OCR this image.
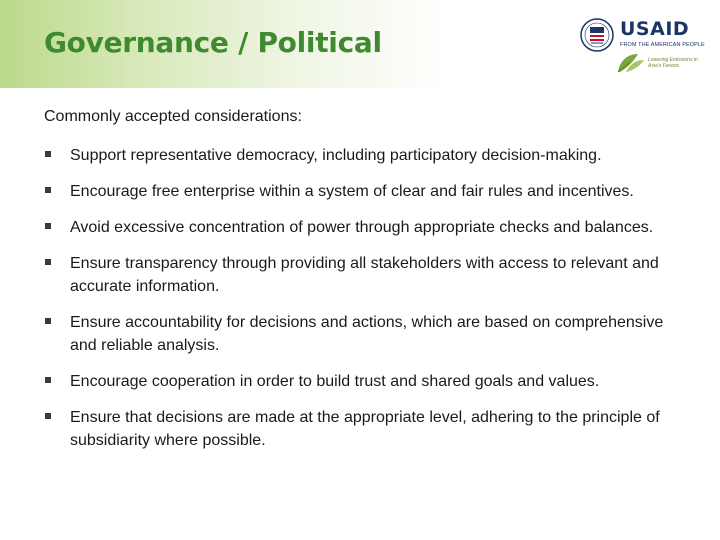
Governance / Political	USAID
FROM THE AMERICAN PEOPLE
Lowering Emissions in Asia's Forests

Commonly accepted considerations:

Support representative democracy, including participatory decision-making.
Encourage free enterprise within a system of clear and fair rules and incentives.
Avoid excessive concentration of power through appropriate checks and balances.
Ensure transparency through providing all stakeholders with access to relevant and accurate information.
Ensure accountability for decisions and actions, which are based on comprehensive and reliable analysis.
Encourage cooperation in order to build trust and shared goals and values.
Ensure that decisions are made at the appropriate level, adhering to the principle of subsidiarity where possible.
